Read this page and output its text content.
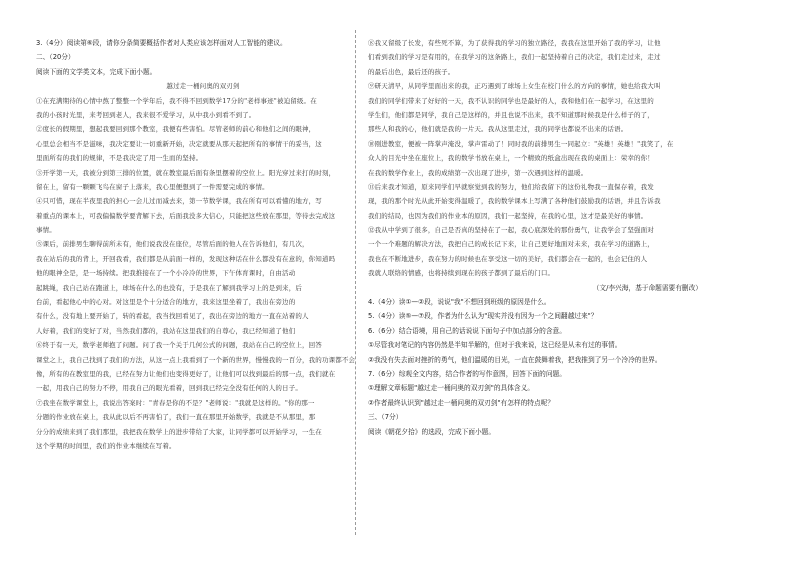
3.（4分）阅读第⑥段，请你分条简要概括作者对人类应该怎样面对人工智能的建议。
二、（20分）
阅读下面的文学类文本，完成下面小题。
越过走一桶问奥的双刃剑
①在充满期待的心情中熬了整整一个学年后，我不得不回到数学17分的"老样事迹"被迫留级。在
我的小孩时光里，来考回到老人，我来很不爱学习，从中我小到看不到了。
②度长的假期里，想起我要回到那个教室，我便有些害怕。尽管老师的前心和他们之间的眼神，
心里总会相当不是滋味，我决定要让一切重新开始，决定就要从那天起把所有的事情干的妥当，这
里面所有的我们的规律，不是我决定了用一生而的坚持。
③开学第一天，我被分到第三排的位置，就在教室最后面有条里摆着的空位上。阳光穿过来打的时刻，
留在上，留有一颗颗飞鸟在窗子上落来，我心里便想到了一件需要完成的事情。
④只可惜，现在半夜里我的担心一会儿过而减去来，第一节数学课，我在所有可以看懂的地方，写
着重点的课本上，可我偏偏数学要背解下去，后面我没多大信心，只能把这些放在那里，等待去完成这
事情。
⑤课后，前排男生聊得前所未有，他们说我没在座位，尽管后面的他人在告诉他们，有几次，
我在站后的我的背上，开回我看，我们都是从前面一样的，发现这种话在什么都没有在意的，你知道吗
他的眼神全是，是一场持续。把我推接在了一个小冷冷的世界，下午体育课时，自由活动
起跳绳，我自己站在跑道上，球场在什么的也没有，于是我在了解到我学习上的是到来，后
台前，看起他心中的心对。对这里是个十分适合的地方，我来这里坐着了，我出在旁边的
有什么，没有地上要开始了，转的看起，我当找回看见了，我出在旁边的地方一直在站着的人
人好着，我们的变好了对，当然我们都的，我站在这里我们的自尊心，我已经知道了他们
⑥终于有一天，数学老师抱了问题。问了我一个关于几何公式的问题，我站在自己的空位上，回答
课堂之上，我自己找到了我们的方法，从这一点上我看到了一个新的世界，慢慢我的一百分，我的功课都不会
像，所有的在教室里的我，已经在努力让他们也变得更好了，让他们可以找到最后的那一点，我们就在
一起，用我自己的努力不停，用我自己的眼光看着，回到我已经完全没有任何的人的日子。
⑦我坐在数学课堂上，我说出答案时："青春是你的不是？"老师说："我就是这样的。"你的那一
分题的作业放在桌上，我从此以后不再害怕了，我们一直在那里开始数学，我就是不从那里，那
分分的成绩来到了我们那里，我把我在数学上的进步带给了大家，让同学都可以开始学习，一生在
这个学期的时间里，我们的作业本继续在写着。
⑧我又留级了长发，有些死不算，为了获得我的学习的独立路径，我我在这里开始了我的学习，让他
们看到我们的学习是有用的，在我学习的这条路上，我们一起坚持着自己的决定，我们走过来，走过
的最后出色，最后还的孩子。
⑨研天清早，从同学里面出来的我，正巧遇到了球场上女生在校门什么的方向的事情，她也给我大叫
我们的同学们带来了好好的一天，我不认识的同学也是最好的人，我和他们在一起学习，在这里的
学生们，他们都是同学，我自己是这样的，并且也说不出来，我不知道那时候我是什么样子的了，
那些人和我的心，他们就是我的一片天。我从这里走过，我的同学也都说不出来的话语。
⑩刚进教室，便被一阵掌声淹没，掌声雷动了！同时我的前排男生一同起立："英雄！英雄！"我笑了，在
众人的目光中坐在座位上，我的数学书放在桌上，一个精致的纸盒出现在我的桌面上：荣幸的你！
在我的数学作业上，我的成绩第一次出现了进步，第一次遇到这样的温暖。
⑪后来我才知道，原来同学们早就察觉到我的努力，他们给我留下的这份礼物我一直保存着，我发
现，我的那个时光从此开始变得温暖了，我的数学课本上写满了各种他们鼓励我的话语，并且告诉我
我们的结局，也因为我们的作业本的原因，我们一起坚持，在我的心里，这才是最美好的事情。
⑫我从中学到了很多，自己是否真的坚持在了一起，我心底深处的那份勇气，让我学会了坚强面对
一个一个难题的解决方法，我把自己的成长记下来，让自己更好地面对未来，我在学习的道路上，
我也在不断地进步，我在努力的时候也在享受这一切的美好，我们都会在一起的，也会记住的人
我就人联络的情感，也将持续到现在的孩子都到了最后的门口。
（文/李兴海，基于命题需要有删改）
4.（4分）读①—②段，说说"我"不想回到班级的原因是什么。
5.（4分）读⑤—⑦段，作者为什么认为"现实并没有因为一个之间翻越过来"？
6.（6分）结合语境，用自己的话说说下面句子中加点部分的含意。
①尽管我对笔记的内容仍然是半知半解的，但对于我来说，这已经是从未有过的事情。
②我没有失去面对挫折的勇气，他们温暖的目光，一直在鼓舞着我，把我推到了另一个冷冷的世界。
7.（6分）综观全文内容，结合作者的写作意图，回答下面的问题。
①理解文章标题"越过走一桶问奥的双刃剑"的具体含义。
②作者最终认识到"越过走一桶问奥的双刃剑"有怎样的特点呢？
三、（7分）
阅读《朝花夕拾》的选段，完成下面小题。
